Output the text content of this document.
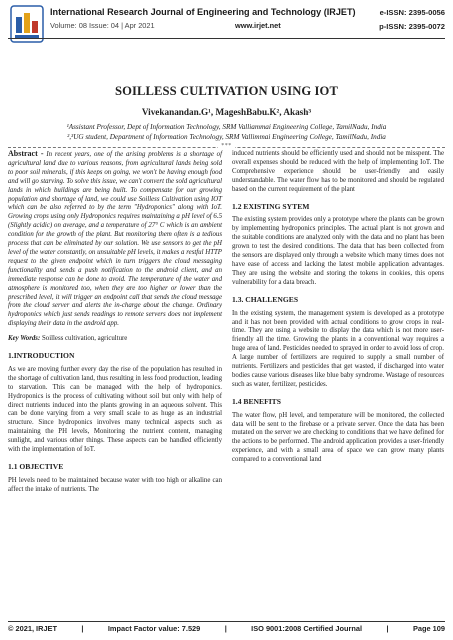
International Research Journal of Engineering and Technology (IRJET)
Volume: 08 Issue: 04 | Apr 2021	www.irjet.net
e-ISSN: 2395-0056
p-ISSN: 2395-0072
SOILLESS CULTIVATION USING IOT
Vivekanandan.G¹, MageshBabu.K², Akash³
¹Assistant Professor, Dept of Information Technology, SRM Valliammai Engineering College, TamilNadu, India
²,³UG student, Department of Information Technology, SRM Vallimmai Engineering College, TamilNadu, India
***

Abstract - In recent years, one of the arising problems is a shortage of agricultural land due to various reasons, from agricultural lands being sold to poor soil minerals, if this keeps on going, we won't be having enough food and will go starving. To solve this issue, we can't convert the sold agricultural lands in which buildings are being built. To compensate for our growing population and shortage of land, we could use Soilless Cultivation using IOT which can be also referred to by the term "Hydroponics" along with IoT. Growing crops using only Hydroponics requires maintaining a pH level of 6.5 (Slightly acidic) on average, and a temperature of 27° C which is an ambient condition for the growth of the plant. But monitoring them often is a tedious process that can be eliminated by our solution. We use sensors to get the pH level of the water constantly, on unsuitable pH levels, it makes a restful HTTP request to the given endpoint which in turn triggers the cloud messaging functionality and sends a push notification to the android client, and an immediate response can be done to avoid. The temperature of the water and atmosphere is monitored too, when they are too higher or lower than the prescribed level, it will trigger an endpoint call that sends the cloud message from the cloud server and alerts the in-charge about the change. Ordinary hydroponics which just sends readings to remote servers does not implement displaying their data in the android app.

Key Words: Soilless cultivation, agriculture

1.INTRODUCTION

As we are moving further every day the rise of the population has resulted in the shortage of cultivation land, thus resulting in less food production, leading to starvation. This can be managed with the help of hydroponics. Hydroponics is the process of cultivating without soil but only with help of direct nutrients induced into the plants growing in an aqueous solvent. This can be done varying from a very small scale to as huge as an industrial structure. Since hydroponics involves many technical aspects such as maintaining the PH levels, Monitoring the nutrient content, managing sunlight, and various other things. These aspects can be handled efficiently with the implementation of IoT.

1.1 OBJECTIVE

PH levels need to be maintained because water with too high or alkaline can affect the intake of nutrients. The

induced nutrients should be efficiently used and should not be misspent. The overall expenses should be reduced with the help of implementing IoT. The Comprehensive experience should be user-friendly and easily understandable. The water flow has to be monitored and should be regulated based on the current requirement of the plant

1.2 EXISTING SYTEM

The existing system provides only a prototype where the plants can be grown by implementing hydroponics principles. The actual plant is not grown and the suitable conditions are analyzed only with the data and no plant has been grown to test the desired conditions. The data that has been collected from the sensors are displayed only through a website which many times does not have ease of access and lacking the latest mobile application advantages. They are using the website and storing the tokens in cookies, this opens vulnerability for a data breach.

1.3. CHALLENGES

In the existing system, the management system is developed as a prototype and it has not been provided with actual conditions to grow crops in real-time. They are using a website to display the data which is not more user-friendly all the time. Growing the plants in a conventional way requires a huge area of land. Pesticides needed to sprayed in order to avoid loss of crop. A large number of fertilizers are required to supply a small number of nutrients. Fertilizers and pesticides that get wasted, if discharged into water bodies cause various diseases like blue baby syndrome. Wastage of resources such as water, fertilizer, pesticides.

1.4 BENEFITS

The water flow, pH level, and temperature will be monitored, the collected data will be sent to the firebase or a private server. Once the data has been mutated on the server we are checking to conditions that we have defined for the actions to be performed. The android application provides a user-friendly experience, and with a small area of space we can grow many plants compared to a conventional land

© 2021, IRJET	|	Impact Factor value: 7.529	|	ISO 9001:2008 Certified Journal	|	Page 109
